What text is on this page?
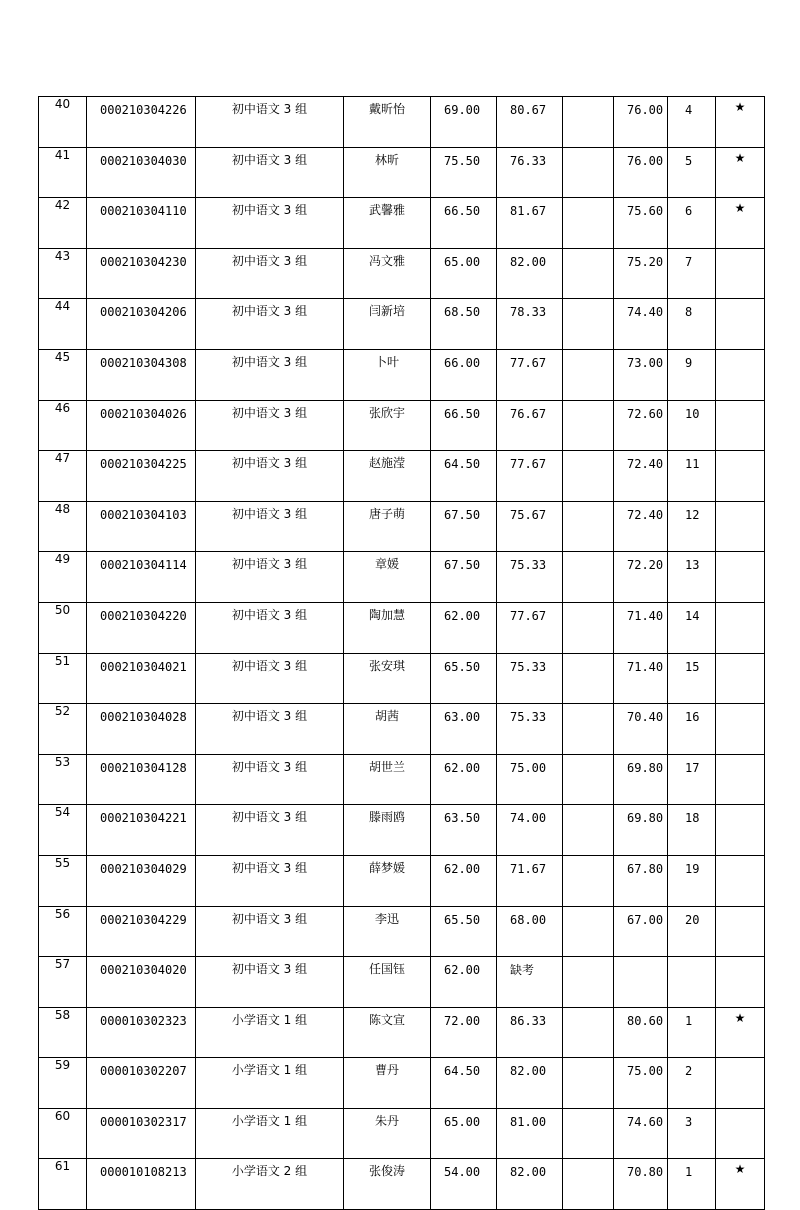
40	000210304226	初中语文 3 组	戴昕怡	69.00	80.67		76.00	4	★
41	000210304030	初中语文 3 组	林昕	75.50	76.33		76.00	5	★
42	000210304110	初中语文 3 组	武馨雅	66.50	81.67		75.60	6	★
43	000210304230	初中语文 3 组	冯文雅	65.00	82.00		75.20	7	
44	000210304206	初中语文 3 组	闫新培	68.50	78.33		74.40	8	
45	000210304308	初中语文 3 组	卜叶	66.00	77.67		73.00	9	
46	000210304026	初中语文 3 组	张欣宇	66.50	76.67		72.60	10	
47	000210304225	初中语文 3 组	赵施滢	64.50	77.67		72.40	11	
48	000210304103	初中语文 3 组	唐子萌	67.50	75.67		72.40	12	
49	000210304114	初中语文 3 组	章媛	67.50	75.33		72.20	13	
50	000210304220	初中语文 3 组	陶加慧	62.00	77.67		71.40	14	
51	000210304021	初中语文 3 组	张安琪	65.50	75.33		71.40	15	
52	000210304028	初中语文 3 组	胡茜	63.00	75.33		70.40	16	
53	000210304128	初中语文 3 组	胡世兰	62.00	75.00		69.80	17	
54	000210304221	初中语文 3 组	滕雨鸥	63.50	74.00		69.80	18	
55	000210304029	初中语文 3 组	薛梦媛	62.00	71.67		67.80	19	
56	000210304229	初中语文 3 组	李迅	65.50	68.00		67.00	20	
57	000210304020	初中语文 3 组	任国钰	62.00	缺考				
58	000010302323	小学语文 1 组	陈文宣	72.00	86.33		80.60	1	★
59	000010302207	小学语文 1 组	曹丹	64.50	82.00		75.00	2	
60	000010302317	小学语文 1 组	朱丹	65.00	81.00		74.60	3	
61	000010108213	小学语文 2 组	张俊涛	54.00	82.00		70.80	1	★
